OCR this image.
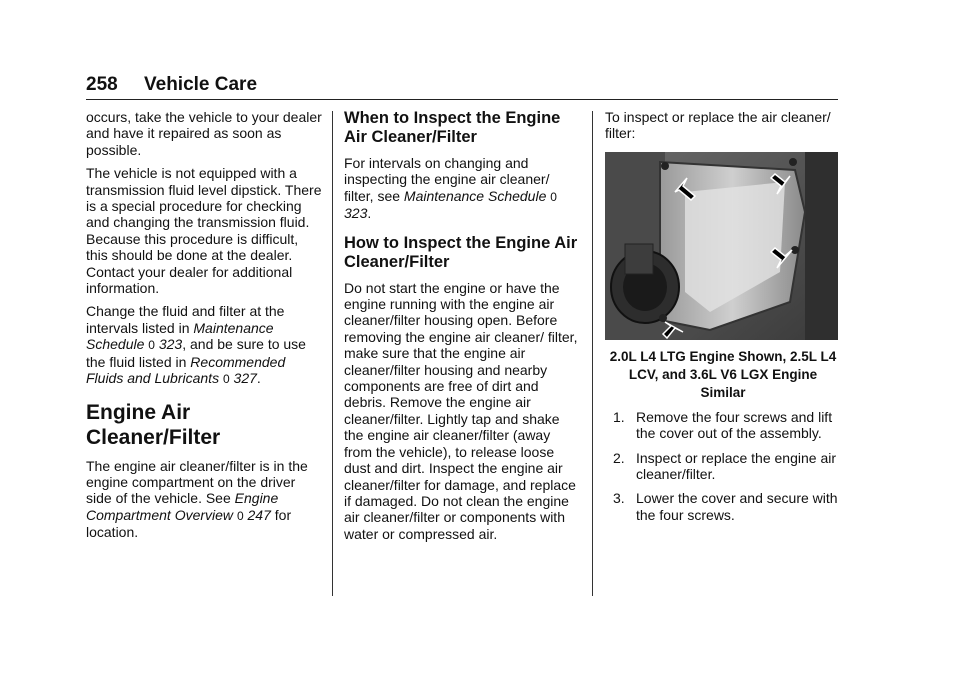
258 Vehicle Care

occurs, take the vehicle to your dealer and have it repaired as soon as possible.

The vehicle is not equipped with a transmission fluid level dipstick. There is a special procedure for checking and changing the transmission fluid. Because this procedure is difficult, this should be done at the dealer. Contact your dealer for additional information.

Change the fluid and filter at the intervals listed in Maintenance Schedule 0 323, and be sure to use the fluid listed in Recommended Fluids and Lubricants 0 327.

Engine Air Cleaner/Filter

The engine air cleaner/filter is in the engine compartment on the driver side of the vehicle. See Engine Compartment Overview 0 247 for location.

When to Inspect the Engine Air Cleaner/Filter

For intervals on changing and inspecting the engine air cleaner/ filter, see Maintenance Schedule 0 323.

How to Inspect the Engine Air Cleaner/Filter

Do not start the engine or have the engine running with the engine air cleaner/filter housing open. Before removing the engine air cleaner/ filter, make sure that the engine air cleaner/filter housing and nearby components are free of dirt and debris. Remove the engine air cleaner/filter. Lightly tap and shake the engine air cleaner/filter (away from the vehicle), to release loose dust and dirt. Inspect the engine air cleaner/filter for damage, and replace if damaged. Do not clean the engine air cleaner/filter or components with water or compressed air.

To inspect or replace the air cleaner/ filter:

2.0L L4 LTG Engine Shown, 2.5L L4 LCV, and 3.6L V6 LGX Engine Similar

1. Remove the four screws and lift the cover out of the assembly.
2. Inspect or replace the engine air cleaner/filter.
3. Lower the cover and secure with the four screws.
